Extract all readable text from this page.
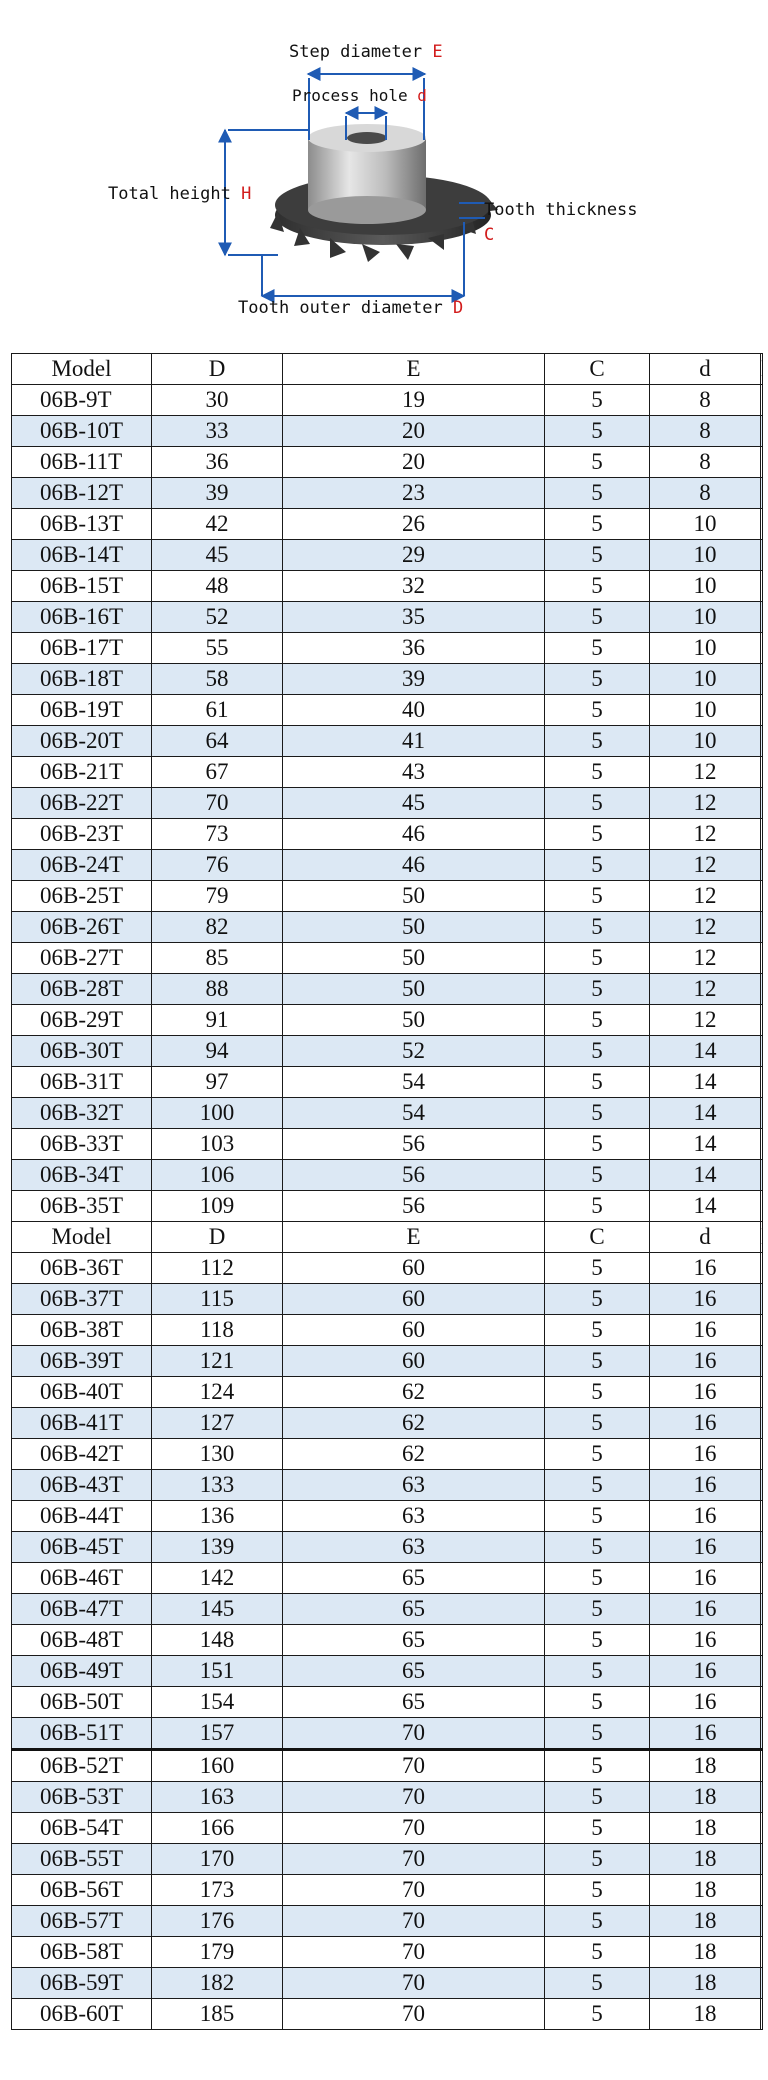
Step diameter E
Process hole d
Total height H
Tooth thickness
C
Tooth outer diameter D
Model	D	E	C	d	
06B-9T	30	19	5	8	
06B-10T	33	20	5	8	
06B-11T	36	20	5	8	
06B-12T	39	23	5	8	
06B-13T	42	26	5	10	
06B-14T	45	29	5	10	
06B-15T	48	32	5	10	
06B-16T	52	35	5	10	
06B-17T	55	36	5	10	
06B-18T	58	39	5	10	
06B-19T	61	40	5	10	
06B-20T	64	41	5	10	
06B-21T	67	43	5	12	
06B-22T	70	45	5	12	
06B-23T	73	46	5	12	
06B-24T	76	46	5	12	
06B-25T	79	50	5	12	
06B-26T	82	50	5	12	
06B-27T	85	50	5	12	
06B-28T	88	50	5	12	
06B-29T	91	50	5	12	
06B-30T	94	52	5	14	
06B-31T	97	54	5	14	
06B-32T	100	54	5	14	
06B-33T	103	56	5	14	
06B-34T	106	56	5	14	
06B-35T	109	56	5	14	
Model	D	E	C	d	
06B-36T	112	60	5	16	
06B-37T	115	60	5	16	
06B-38T	118	60	5	16	
06B-39T	121	60	5	16	
06B-40T	124	62	5	16	
06B-41T	127	62	5	16	
06B-42T	130	62	5	16	
06B-43T	133	63	5	16	
06B-44T	136	63	5	16	
06B-45T	139	63	5	16	
06B-46T	142	65	5	16	
06B-47T	145	65	5	16	
06B-48T	148	65	5	16	
06B-49T	151	65	5	16	
06B-50T	154	65	5	16	
06B-51T	157	70	5	16	
06B-52T	160	70	5	18	
06B-53T	163	70	5	18	
06B-54T	166	70	5	18	
06B-55T	170	70	5	18	
06B-56T	173	70	5	18	
06B-57T	176	70	5	18	
06B-58T	179	70	5	18	
06B-59T	182	70	5	18	
06B-60T	185	70	5	18	
